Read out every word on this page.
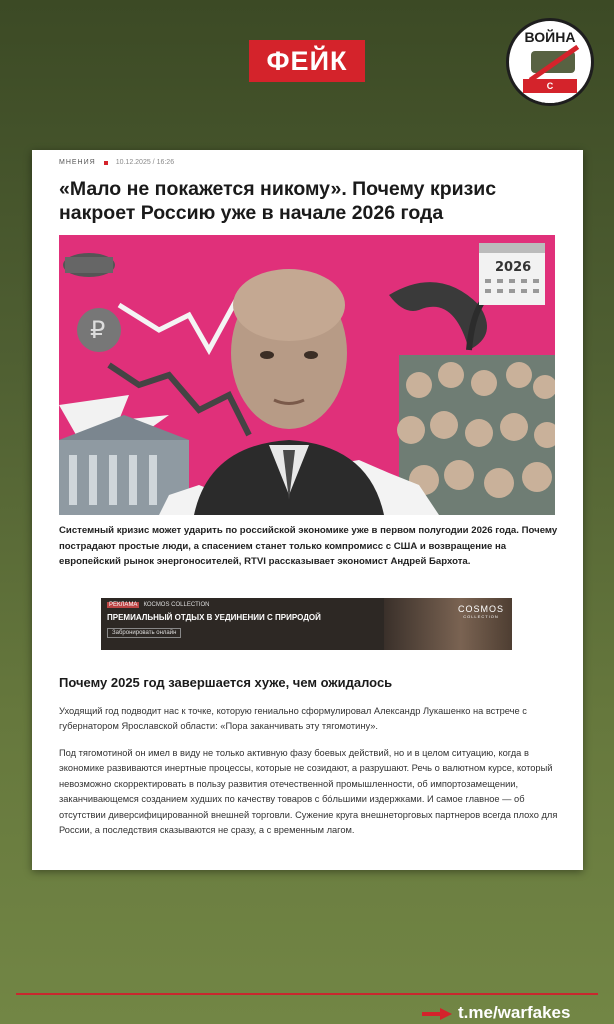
ФЕЙК
ВОЙНА
С ФЕЙКАМИ
МНЕНИЯ	10.12.2025 / 16:26
«Мало не покажется никому». Почему кризис накроет Россию уже в начале 2026 года
₽
2026
Системный кризис может ударить по российской экономике уже в первом полугодии 2026 года. Почему пострадают простые люди, а спасением станет только компромисс с США и возвращение на европейский рынок энергоносителей, RTVI рассказывает экономист Андрей Бархота.
РЕКЛАМА	КОСМОS COLLECTION
ПРЕМИАЛЬНЫЙ ОТДЫХ В УЕДИНЕНИИ С ПРИРОДОЙ
Забронировать онлайн
COSMOS
COLLECTION
Почему 2025 год завершается хуже, чем ожидалось
Уходящий год подводит нас к точке, которую гениально сформулировал Александр Лукашенко на встрече с губернатором Ярославской области: «Пора заканчивать эту тягомотину».
Под тягомотиной он имел в виду не только активную фазу боевых действий, но и в целом ситуацию, когда в экономике развиваются инертные процессы, которые не созидают, а разрушают. Речь о валютном курсе, который невозможно скорректировать в пользу развития отечественной промышленности, об импортозамещении, заканчивающемся созданием худших по качеству товаров с бóльшими издержками. И самое главное — об отсутствии диверсифицированной внешней торговли. Сужение круга внешнеторговых партнеров всегда плохо для России, а последствия сказываются не сразу, а с временным лагом.
t.me/warfakes
